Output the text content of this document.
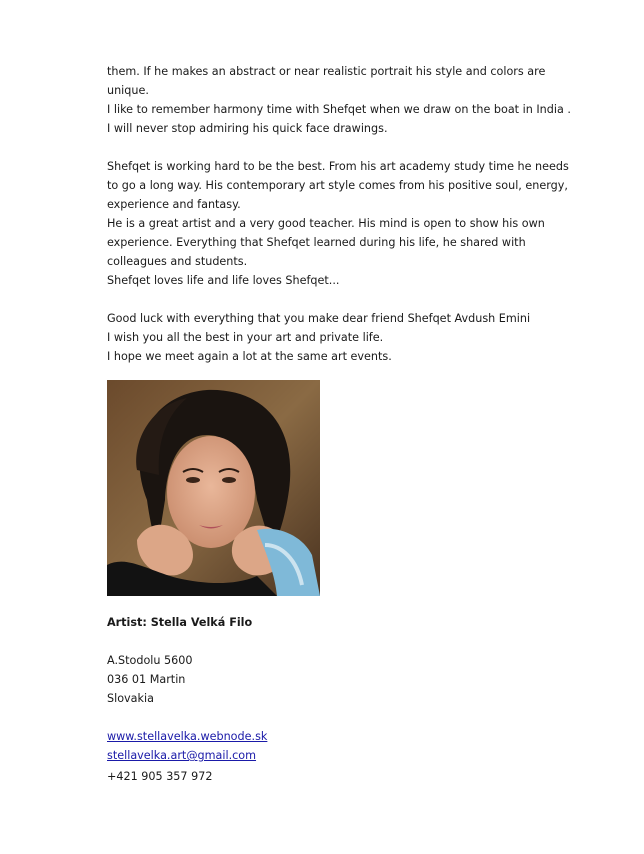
them. If he makes an abstract or near realistic portrait his style and colors are
unique.
I like to remember harmony time with Shefqet when we draw on the boat in India .
I will never stop admiring his quick face drawings.

Shefqet is working hard to be the best. From his art academy study time he needs
to go a long way. His contemporary art style comes from his positive soul, energy,
experience and fantasy.
He is a great artist and a very good teacher. His mind is open to show his own
experience. Everything that Shefqet learned during his life, he shared with
colleagues and students.
Shefqet loves life and life loves Shefqet...

Good luck with everything that you make dear friend Shefqet Avdush Emini
I wish you all the best in your art and private life.
I hope we meet again a lot at the same art events.

Artist: Stella Velká Filo
A.Stodolu 5600
036 01 Martin
Slovakia
www.stellavelka.webnode.sk
stellavelka.art@gmail.com
+421 905 357 972
